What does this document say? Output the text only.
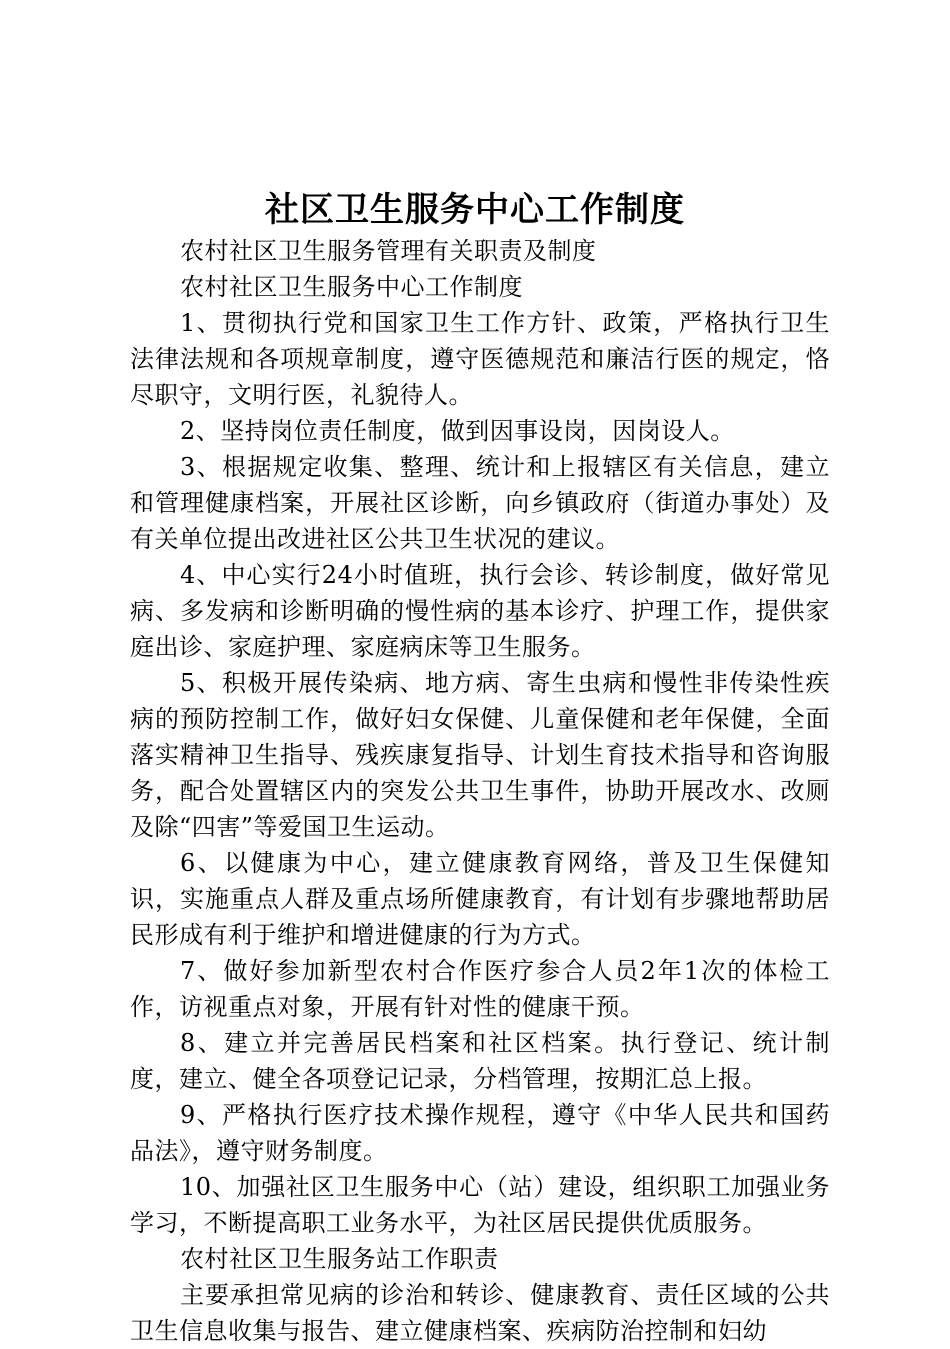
社区卫生服务中心工作制度

农村社区卫生服务管理有关职责及制度

农村社区卫生服务中心工作制度

1、贯彻执行党和国家卫生工作方针、政策，严格执行卫生法律法规和各项规章制度，遵守医德规范和廉洁行医的规定，恪尽职守，文明行医，礼貌待人。

2、坚持岗位责任制度，做到因事设岗，因岗设人。

3、根据规定收集、整理、统计和上报辖区有关信息，建立和管理健康档案，开展社区诊断，向乡镇政府（街道办事处）及有关单位提出改进社区公共卫生状况的建议。

4、中心实行24小时值班，执行会诊、转诊制度，做好常见病、多发病和诊断明确的慢性病的基本诊疗、护理工作，提供家庭出诊、家庭护理、家庭病床等卫生服务。

5、积极开展传染病、地方病、寄生虫病和慢性非传染性疾病的预防控制工作，做好妇女保健、儿童保健和老年保健，全面落实精神卫生指导、残疾康复指导、计划生育技术指导和咨询服务，配合处置辖区内的突发公共卫生事件，协助开展改水、改厕及除“四害”等爱国卫生运动。

6、以健康为中心，建立健康教育网络，普及卫生保健知识，实施重点人群及重点场所健康教育，有计划有步骤地帮助居民形成有利于维护和增进健康的行为方式。

7、做好参加新型农村合作医疗参合人员2年1次的体检工作，访视重点对象，开展有针对性的健康干预。

8、建立并完善居民档案和社区档案。执行登记、统计制度，建立、健全各项登记记录，分档管理，按期汇总上报。

9、严格执行医疗技术操作规程，遵守《中华人民共和国药品法》，遵守财务制度。

10、加强社区卫生服务中心（站）建设，组织职工加强业务学习，不断提高职工业务水平，为社区居民提供优质服务。

农村社区卫生服务站工作职责

主要承担常见病的诊治和转诊、健康教育、责任区域的公共卫生信息收集与报告、建立健康档案、疾病防治控制和妇幼
